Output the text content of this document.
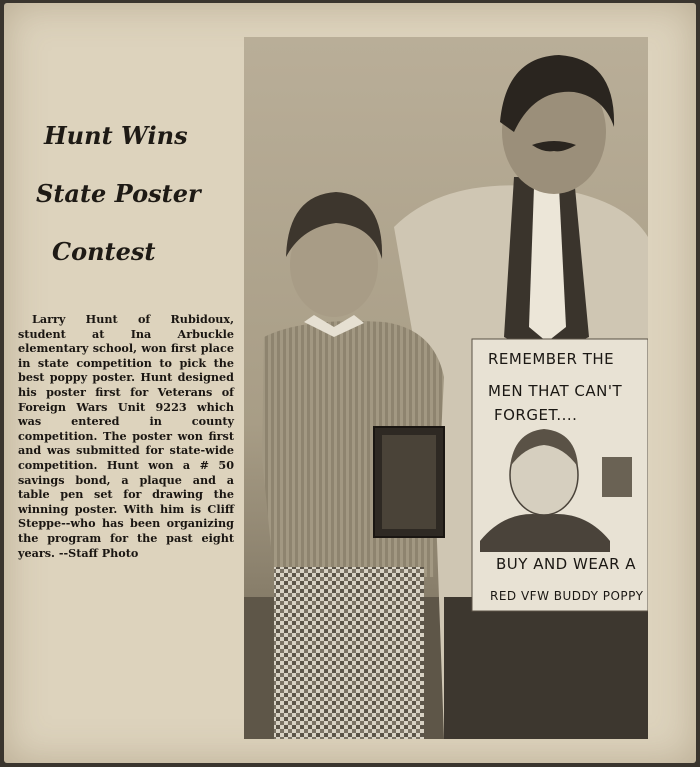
Hunt Wins
State Poster
Contest
Larry Hunt of Rubidoux, student at Ina Arbuckle elementary school, won first place in state competition to pick the best poppy poster. Hunt designed his poster first for Veterans of Foreign Wars Unit 9223 which was entered in county competition. The poster won first and was submitted for state-wide competition. Hunt won a # 50 savings bond, a plaque and a table pen set for drawing the winning poster. With him is Cliff Steppe--who has been organizing the program for the past eight years. --Staff Photo
REMEMBER THE
MEN THAT CAN'T
FORGET....
BUY AND WEAR A
RED VFW BUDDY POPPY
